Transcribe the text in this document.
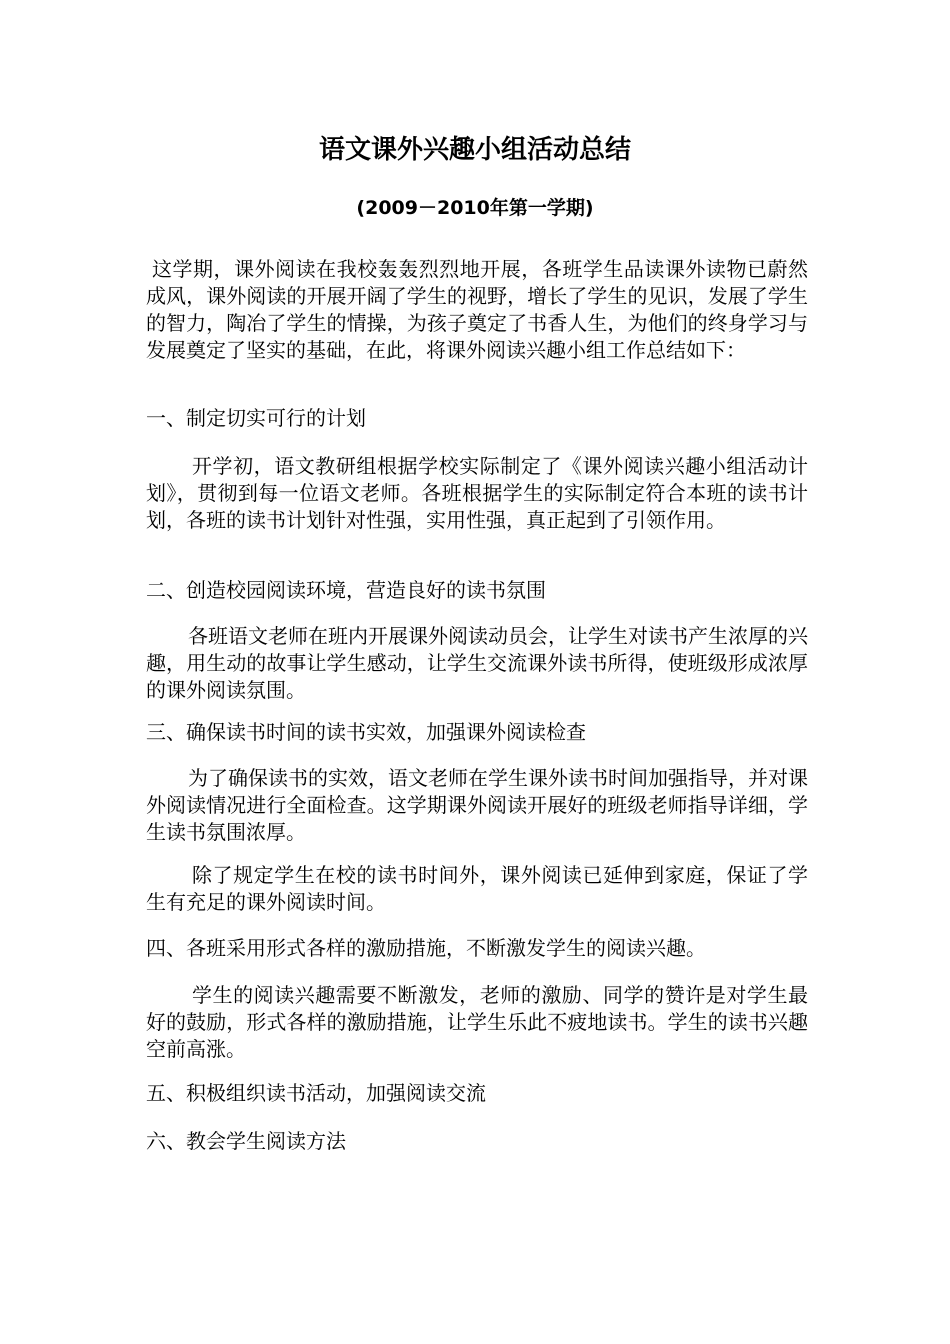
语文课外兴趣小组活动总结
(2009－2010年第一学期)

这学期，课外阅读在我校轰轰烈烈地开展，各班学生品读课外读物已蔚然成风，课外阅读的开展开阔了学生的视野，增长了学生的见识，发展了学生的智力，陶冶了学生的情操，为孩子奠定了书香人生，为他们的终身学习与发展奠定了坚实的基础，在此，将课外阅读兴趣小组工作总结如下：

一、制定切实可行的计划

开学初，语文教研组根据学校实际制定了《课外阅读兴趣小组活动计划》，贯彻到每一位语文老师。各班根据学生的实际制定符合本班的读书计划，各班的读书计划针对性强，实用性强，真正起到了引领作用。

二、创造校园阅读环境，营造良好的读书氛围

各班语文老师在班内开展课外阅读动员会，让学生对读书产生浓厚的兴趣，用生动的故事让学生感动，让学生交流课外读书所得，使班级形成浓厚的课外阅读氛围。

三、确保读书时间的读书实效，加强课外阅读检查

为了确保读书的实效，语文老师在学生课外读书时间加强指导，并对课外阅读情况进行全面检查。这学期课外阅读开展好的班级老师指导详细，学生读书氛围浓厚。

除了规定学生在校的读书时间外，课外阅读已延伸到家庭，保证了学生有充足的课外阅读时间。

四、各班采用形式各样的激励措施，不断激发学生的阅读兴趣。

学生的阅读兴趣需要不断激发，老师的激励、同学的赞许是对学生最好的鼓励，形式各样的激励措施，让学生乐此不疲地读书。学生的读书兴趣空前高涨。

五、积极组织读书活动，加强阅读交流

六、教会学生阅读方法
